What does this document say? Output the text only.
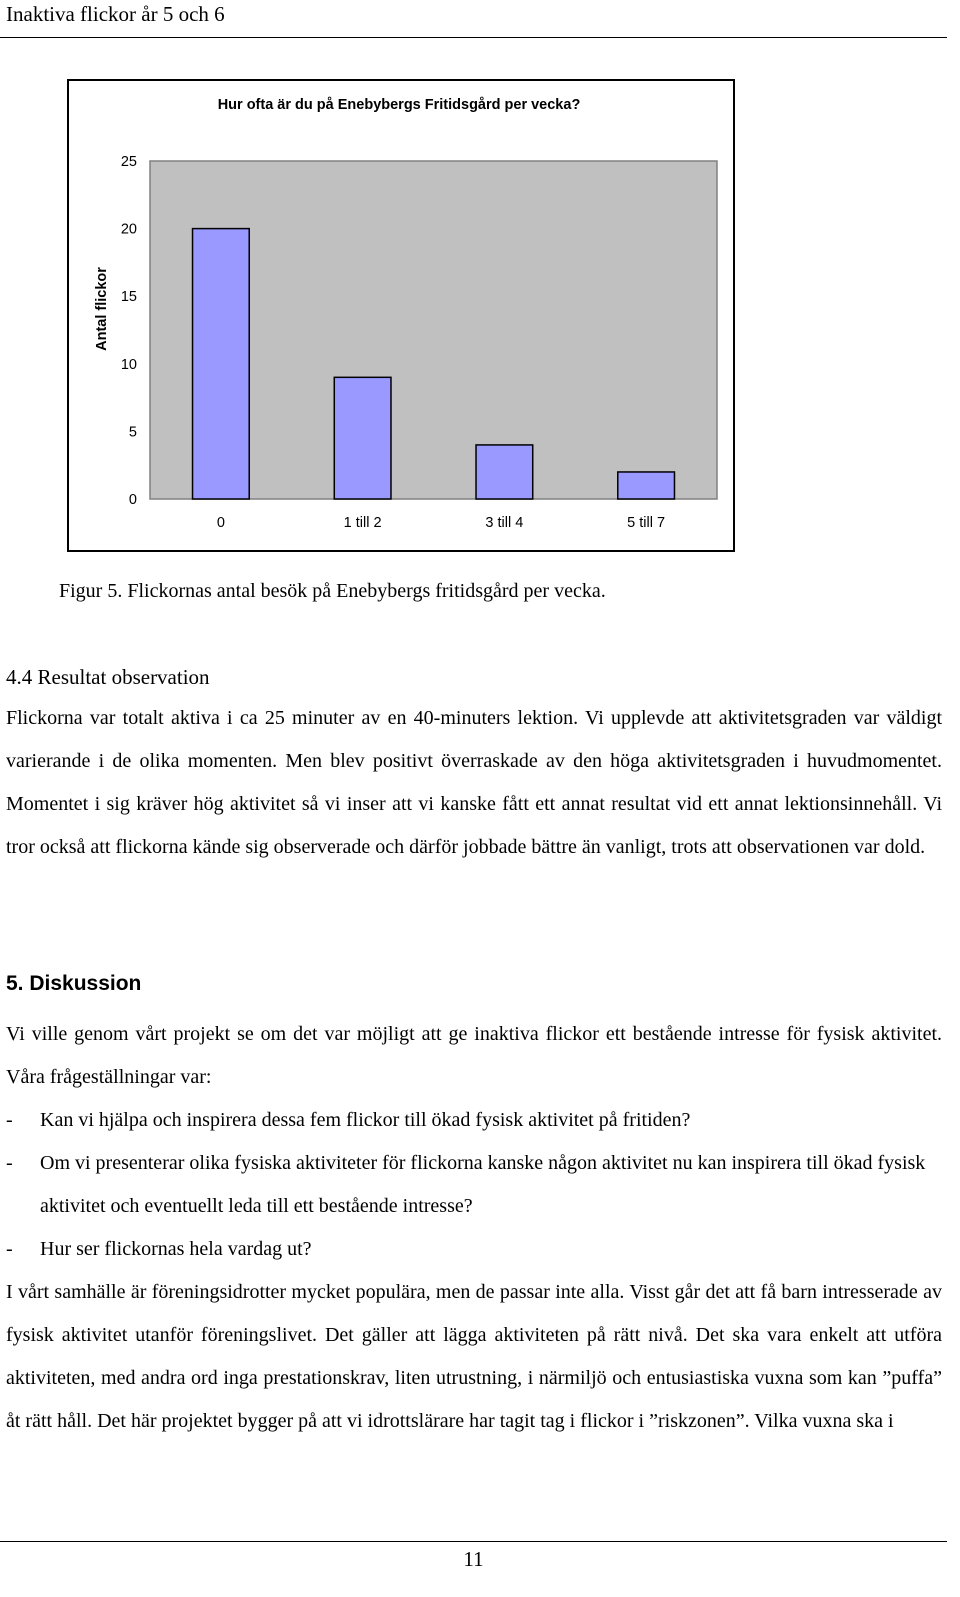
Inaktiva flickor år 5 och 6
Hur ofta är du på Enebybergs Fritidsgård per vecka?
Antal flickor
0
5
10
15
20
25
0	1 till 2	3 till 4	5 till 7
Figur 5. Flickornas antal besök på Enebybergs fritidsgård per vecka.
4.4 Resultat observation
Flickorna var totalt aktiva i ca 25 minuter av en 40-minuters lektion. Vi upplevde att aktivitetsgraden var väldigt varierande i de olika momenten. Men blev positivt överraskade av den höga aktivitetsgraden i huvudmomentet. Momentet i sig kräver hög aktivitet så vi inser att vi kanske fått ett annat resultat vid ett annat lektionsinnehåll. Vi tror också att flickorna kände sig observerade och därför jobbade bättre än vanligt, trots att observationen var dold.
5. Diskussion
Vi ville genom vårt projekt se om det var möjligt att ge inaktiva flickor ett bestående intresse för fysisk aktivitet. Våra frågeställningar var:
- Kan vi hjälpa och inspirera dessa fem flickor till ökad fysisk aktivitet på fritiden?
- Om vi presenterar olika fysiska aktiviteter för flickorna kanske någon aktivitet nu kan inspirera till ökad fysisk aktivitet och eventuellt leda till ett bestående intresse?
- Hur ser flickornas hela vardag ut?
I vårt samhälle är föreningsidrotter mycket populära, men de passar inte alla. Visst går det att få barn intresserade av fysisk aktivitet utanför föreningslivet. Det gäller att lägga aktiviteten på rätt nivå. Det ska vara enkelt att utföra aktiviteten, med andra ord inga prestationskrav, liten utrustning, i närmiljö och entusiastiska vuxna som kan ”puffa” åt rätt håll. Det här projektet bygger på att vi idrottslärare har tagit tag i flickor i ”riskzonen”. Vilka vuxna ska i
11
